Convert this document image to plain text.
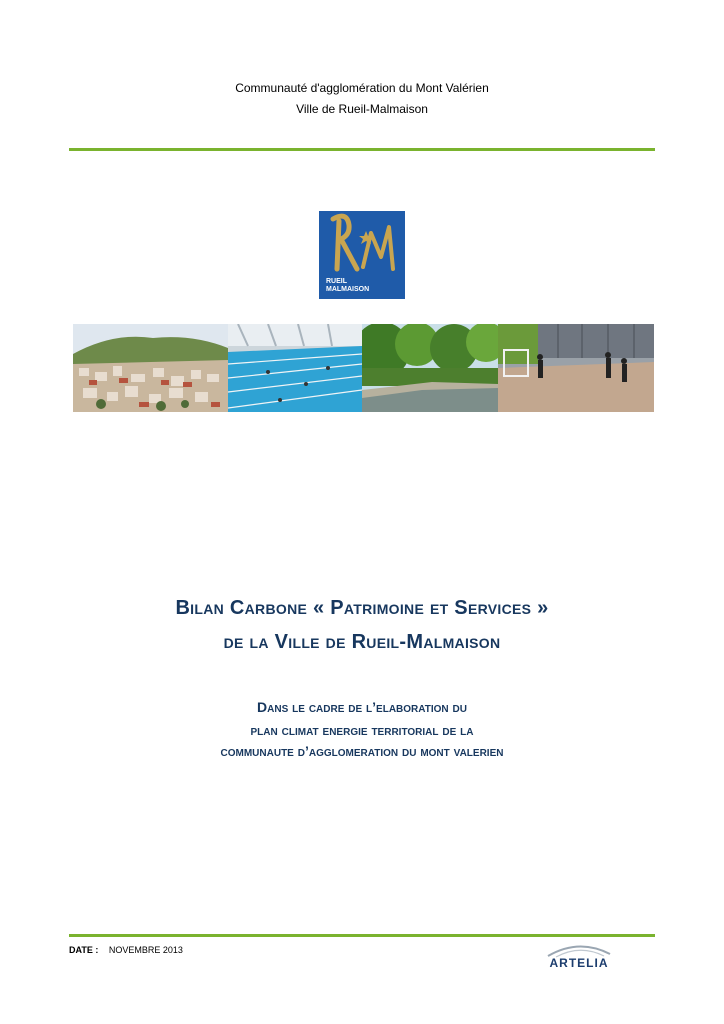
Communauté d'agglomération du Mont Valérien
Ville de Rueil-Malmaison
RUEIL
MALMAISON
Bilan Carbone « Patrimoine et Services »
de la Ville de Rueil-Malmaison
Dans le cadre de l’elaboration du
plan climat energie territorial de la
communaute d’agglomeration du mont valerien
DATE : NOVEMBRE 2013
ARTELIA
